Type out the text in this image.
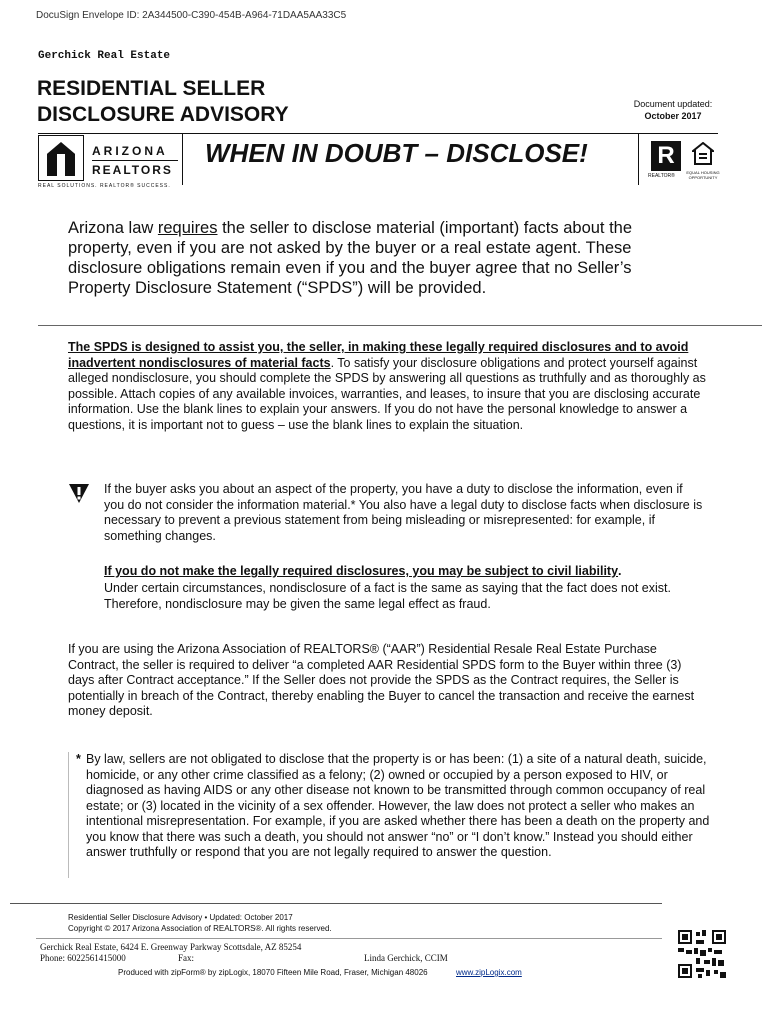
DocuSign Envelope ID: 2A344500-C390-454B-A964-71DAA5AA33C5
Gerchick Real Estate
RESIDENTIAL SELLER
DISCLOSURE ADVISORY	Document updated:
October 2017
ARIZONA
REALTORS
REAL SOLUTIONS. REALTOR® SUCCESS.
WHEN IN DOUBT – DISCLOSE!	R
REALTOR®
EQUAL HOUSING OPPORTUNITY
Arizona law requires the seller to disclose material (important) facts about the property, even if you are not asked by the buyer or a real estate agent. These disclosure obligations remain even if you and the buyer agree that no Seller’s Property Disclosure Statement (“SPDS”) will be provided.
The SPDS is designed to assist you, the seller, in making these legally required disclosures and to avoid inadvertent nondisclosures of material facts. To satisfy your disclosure obligations and protect yourself against alleged nondisclosure, you should complete the SPDS by answering all questions as truthfully and as thoroughly as possible. Attach copies of any available invoices, warranties, and leases, to insure that you are disclosing accurate information. Use the blank lines to explain your answers. If you do not have the personal knowledge to answer a questions, it is important not to guess – use the blank lines to explain the situation.
If the buyer asks you about an aspect of the property, you have a duty to disclose the information, even if you do not consider the information material.* You also have a legal duty to disclose facts when disclosure is necessary to prevent a previous statement from being misleading or misrepresented: for example, if something changes.
If you do not make the legally required disclosures, you may be subject to civil liability.
Under certain circumstances, nondisclosure of a fact is the same as saying that the fact does not exist. Therefore, nondisclosure may be given the same legal effect as fraud.
If you are using the Arizona Association of REALTORS® (“AAR”) Residential Resale Real Estate Purchase Contract, the seller is required to deliver “a completed AAR Residential SPDS form to the Buyer within three (3) days after Contract acceptance.” If the Seller does not provide the SPDS as the Contract requires, the Seller is potentially in breach of the Contract, thereby enabling the Buyer to cancel the transaction and receive the earnest money deposit.
* By law, sellers are not obligated to disclose that the property is or has been: (1) a site of a natural death, suicide, homicide, or any other crime classified as a felony; (2) owned or occupied by a person exposed to HIV, or diagnosed as having AIDS or any other disease not known to be transmitted through common occupancy of real estate; or (3) located in the vicinity of a sex offender. However, the law does not protect a seller who makes an intentional misrepresentation. For example, if you are asked whether there has been a death on the property and you know that there was such a death, you should not answer “no” or “I don’t know.” Instead you should either answer truthfully or respond that you are not legally required to answer the question.
Residential Seller Disclosure Advisory • Updated: October 2017
Copyright © 2017 Arizona Association of REALTORS®. All rights reserved.
Gerchick Real Estate, 6424 E. Greenway Parkway Scottsdale, AZ 85254
Phone: 6022561415000	Fax:	Linda Gerchick, CCIM
Produced with zipForm® by zipLogix, 18070 Fifteen Mile Road, Fraser, Michigan 48026	www.zipLogix.com
